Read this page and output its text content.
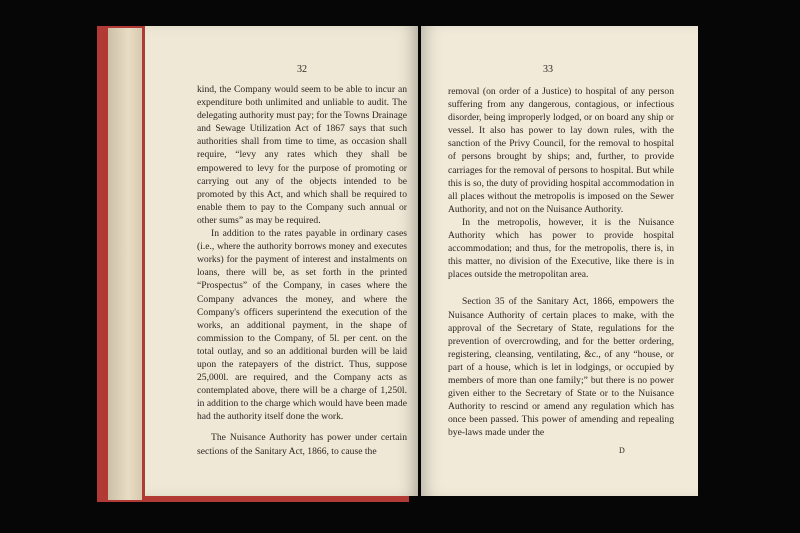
32

kind, the Company would seem to be able to incur an expenditure both unlimited and unliable to audit. The delegating authority must pay; for the Towns Drainage and Sewage Utilization Act of 1867 says that such authorities shall from time to time, as occasion shall require, “levy any rates which they shall be empowered to levy for the purpose of promoting or carrying out any of the objects intended to be promoted by this Act, and which shall be required to enable them to pay to the Company such annual or other sums” as may be required.

In addition to the rates payable in ordinary cases (i.e., where the authority borrows money and executes works) for the payment of interest and instalments on loans, there will be, as set forth in the printed “Prospectus” of the Company, in cases where the Company advances the money, and where the Company's officers superintend the execution of the works, an additional payment, in the shape of commission to the Company, of 5l. per cent. on the total outlay, and so an additional burden will be laid upon the ratepayers of the district. Thus, suppose 25,000l. are required, and the Company acts as contemplated above, there will be a charge of 1,250l. in addition to the charge which would have been made had the authority itself done the work.

The Nuisance Authority has power under certain sections of the Sanitary Act, 1866, to cause the

33

removal (on order of a Justice) to hospital of any person suffering from any dangerous, contagious, or infectious disorder, being improperly lodged, or on board any ship or vessel. It also has power to lay down rules, with the sanction of the Privy Council, for the removal to hospital of persons brought by ships; and, further, to provide carriages for the removal of persons to hospital. But while this is so, the duty of providing hospital accommodation in all places without the metropolis is imposed on the Sewer Authority, and not on the Nuisance Authority.

In the metropolis, however, it is the Nuisance Authority which has power to provide hospital accommodation; and thus, for the metropolis, there is, in this matter, no division of the Executive, like there is in places outside the metropolitan area.

Section 35 of the Sanitary Act, 1866, empowers the Nuisance Authority of certain places to make, with the approval of the Secretary of State, regulations for the prevention of overcrowding, and for the better ordering, registering, cleansing, ventilating, &c., of any “house, or part of a house, which is let in lodgings, or occupied by members of more than one family;” but there is no power given either to the Secretary of State or to the Nuisance Authority to rescind or amend any regulation which has once been passed. This power of amending and repealing bye-laws made under the

D
